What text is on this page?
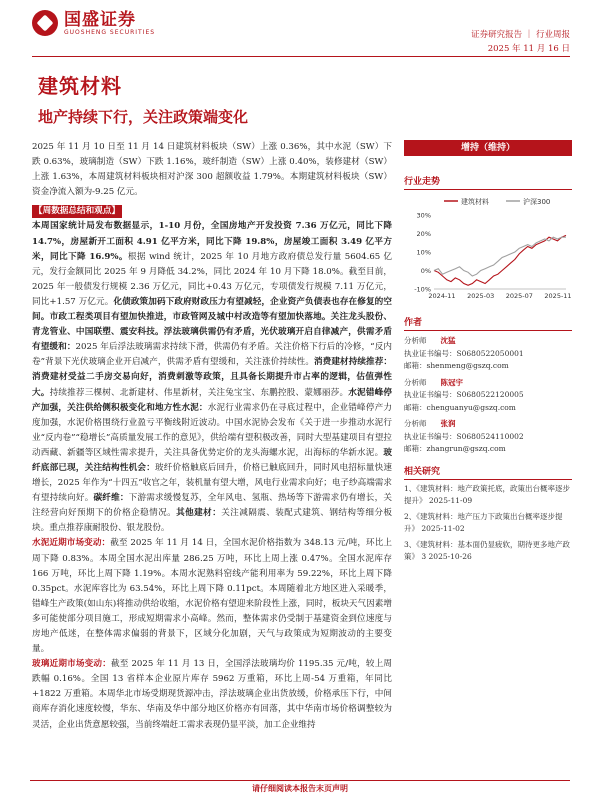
国盛证券
GUOSHENG SECURITIES	证券研究报告 ｜ 行业周报
2025 年 11 月 16 日
建筑材料
地产持续下行，关注政策端变化

2025 年 11 月 10 日至 11 月 14 日建筑材料板块（SW）上涨 0.36%，其中水泥（SW）下跌 0.63%，玻璃制造（SW）下跌 1.16%，玻纤制造（SW）上涨 0.40%，装修建材（SW）上涨 1.63%，本周建筑材料板块相对沪深 300 超额收益 1.79%。本期建筑材料板块（SW）资金净流入额为-9.25 亿元。

【周数据总结和观点】

本周国家统计局发布数据显示，1-10 月份，全国房地产开发投资 7.36 万亿元，同比下降 14.7%，房屋新开工面积 4.91 亿平方米，同比下降 19.8%，房屋竣工面积 3.49 亿平方米，同比下降 16.9%。根据 wind 统计，2025 年 10 月地方政府债总发行量 5604.65 亿元，发行金额同比 2025 年 9 月降低 34.2%，同比 2024 年 10 月下降 18.0%。截至目前，2025 年一般债发行规模 2.36 万亿元，同比+0.43 万亿元，专项债发行规模 7.11 万亿元，同比+1.57 万亿元。化债政策加码下政府财政压力有望减轻，企业资产负债表也存在修复的空间。市政工程类项目有望加快推进，市政管网及城中村改造等有望加快落地。关注龙头股份、青龙管业、中国联塑、震安科技。浮法玻璃供需仍有矛盾，光伏玻璃开启自律减产，供需矛盾有望缓和：2025 年后浮法玻璃需求持续下滑，供需仍有矛盾。关注价格下行后的冷修，“反内卷”背景下光伏玻璃企业开启减产，供需矛盾有望缓和，关注涨价持续性。消费建材持续推荐：消费建材受益二手房交易向好，消费刺激等政策，且具备长期提升市占率的逻辑，估值弹性大。持续推荐三棵树、北新建材、伟星新材，关注兔宝宝、东鹏控股、蒙娜丽莎。水泥错峰停产加强，关注供给侧积极变化和地方性水泥：水泥行业需求仍在寻底过程中，企业错峰停产力度加强，水泥价格围绕行业盈亏平衡线附近波动。中国水泥协会发布《关于进一步推动水泥行业“反内卷”“稳增长”高质量发展工作的意见》，供给端有望积极改善，同时大型基建项目有望拉动西藏、新疆等区域性需求提升，关注具备优势定价的龙头海螺水泥，出海标的华新水泥。玻纤底部已现，关注结构性机会：玻纤价格触底后回升，价格已触底回升，同时风电招标量快速增长，2025 年作为“十四五”收官之年，装机量有望大增，风电行业需求向好；电子纱高端需求有望持续向好。碳纤维：下游需求缓慢复苏，全年风电、氢瓶、热场等下游需求仍有增长，关注经营向好预期下的价格企稳情况。其他建材：关注减隔震、装配式建筑、钢结构等细分板块。重点推荐康耐股份、银龙股份。

水泥近期市场变动：截至 2025 年 11 月 14 日，全国水泥价格指数为 348.13 元/吨，环比上周下降 0.83%。本周全国水泥出库量 286.25 万吨，环比上周上涨 0.47%。全国水泥库存 166 万吨，环比上周下降 1.19%。本周水泥熟料窑线产能利用率为 59.22%，环比上周下降 0.35pct。水泥库容比为 63.54%，环比上周下降 0.11pct。本周随着北方地区进入采暖季，错峰生产政策(如山东)将推动供给收缩，水泥价格有望迎来阶段性上涨，同时，板块天气因素增多可能使部分项目施工，形成短期需求小高峰。然而，整体需求仍受制于基建资金到位速度与房地产低迷，在整体需求偏弱的背景下，区域分化加剧，天气与政策成为短期波动的主要变量。

玻璃近期市场变动：截至 2025 年 11 月 13 日，全国浮法玻璃均价 1195.35 元/吨，较上周跌幅 0.16%。全国 13 省样本企业原片库存 5962 万重箱，环比上周-54 万重箱，年同比+1822 万重箱。本周华北市场受期现货源冲击，浮法玻璃企业出货放缓，价格承压下行，中间商库存消化速度较慢，华东、华南及华中部分地区价格亦有回落，其中华南市场价格调整较为灵活，企业出货意愿较强，当前终端赶工需求表现仍显平淡，加工企业维持

增持（维持）
行业走势
建筑材料	沪深300
-10%
0%
10%
20%
30%
2024-11 2025-03 2025-07 2025-11
作者
分析师 沈猛
执业证书编号：S0680522050001
邮箱：shenmeng@gszq.com
分析师 陈冠宇
执业证书编号：S0680522120005
邮箱：chenguanyu@gszq.com
分析师 张润
执业证书编号：S0680524110002
邮箱：zhangrun@gszq.com
相关研究
1、《建筑材料：地产政策托底，政策出台概率逐步提升》 2025-11-09
2、《建筑材料：地产压力下政策出台概率逐步提升》 2025-11-02
3、《建筑材料：基本面仍显疲软，期待更多地产政策》 3 2025-10-26
请仔细阅读本报告末页声明
